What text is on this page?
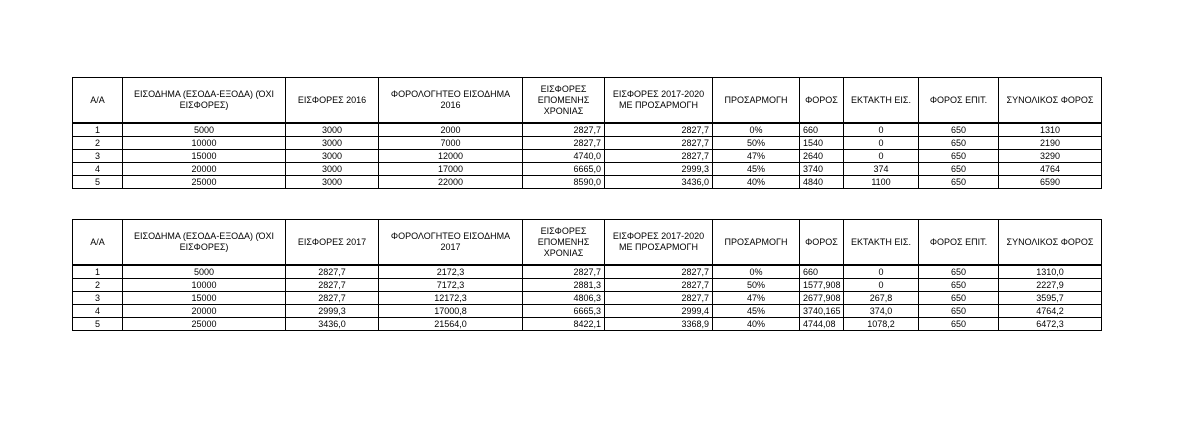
Α/Α	ΕΙΣΟΔΗΜΑ (ΕΣΟΔΑ-ΕΞΟΔΑ) (ΌΧΙ ΕΙΣΦΟΡΕΣ)	ΕΙΣΦΟΡΕΣ 2016	ΦΟΡΟΛΟΓΗΤΕΟ ΕΙΣΟΔΗΜΑ 2016	ΕΙΣΦΟΡΕΣ ΕΠΟΜΕΝΗΣ ΧΡΟΝΙΑΣ	ΕΙΣΦΟΡΕΣ 2017-2020 ΜΕ ΠΡΟΣΑΡΜΟΓΗ	ΠΡΟΣΑΡΜΟΓΗ	ΦΟΡΟΣ	ΕΚΤΑΚΤΗ ΕΙΣ.	ΦΟΡΟΣ ΕΠΙΤ.	ΣΥΝΟΛΙΚΟΣ ΦΟΡΟΣ
1	5000	3000	2000	2827,7	2827,7	0%	660	0	650	1310
2	10000	3000	7000	2827,7	2827,7	50%	1540	0	650	2190
3	15000	3000	12000	4740,0	2827,7	47%	2640	0	650	3290
4	20000	3000	17000	6665,0	2999,3	45%	3740	374	650	4764
5	25000	3000	22000	8590,0	3436,0	40%	4840	1100	650	6590
Α/Α	ΕΙΣΟΔΗΜΑ (ΕΣΟΔΑ-ΕΞΟΔΑ) (ΌΧΙ ΕΙΣΦΟΡΕΣ)	ΕΙΣΦΟΡΕΣ 2017	ΦΟΡΟΛΟΓΗΤΕΟ ΕΙΣΟΔΗΜΑ 2017	ΕΙΣΦΟΡΕΣ ΕΠΟΜΕΝΗΣ ΧΡΟΝΙΑΣ	ΕΙΣΦΟΡΕΣ 2017-2020 ΜΕ ΠΡΟΣΑΡΜΟΓΗ	ΠΡΟΣΑΡΜΟΓΗ	ΦΟΡΟΣ	ΕΚΤΑΚΤΗ ΕΙΣ.	ΦΟΡΟΣ ΕΠΙΤ.	ΣΥΝΟΛΙΚΟΣ ΦΟΡΟΣ
1	5000	2827,7	2172,3	2827,7	2827,7	0%	660	0	650	1310,0
2	10000	2827,7	7172,3	2881,3	2827,7	50%	1577,908	0	650	2227,9
3	15000	2827,7	12172,3	4806,3	2827,7	47%	2677,908	267,8	650	3595,7
4	20000	2999,3	17000,8	6665,3	2999,4	45%	3740,165	374,0	650	4764,2
5	25000	3436,0	21564,0	8422,1	3368,9	40%	4744,08	1078,2	650	6472,3
